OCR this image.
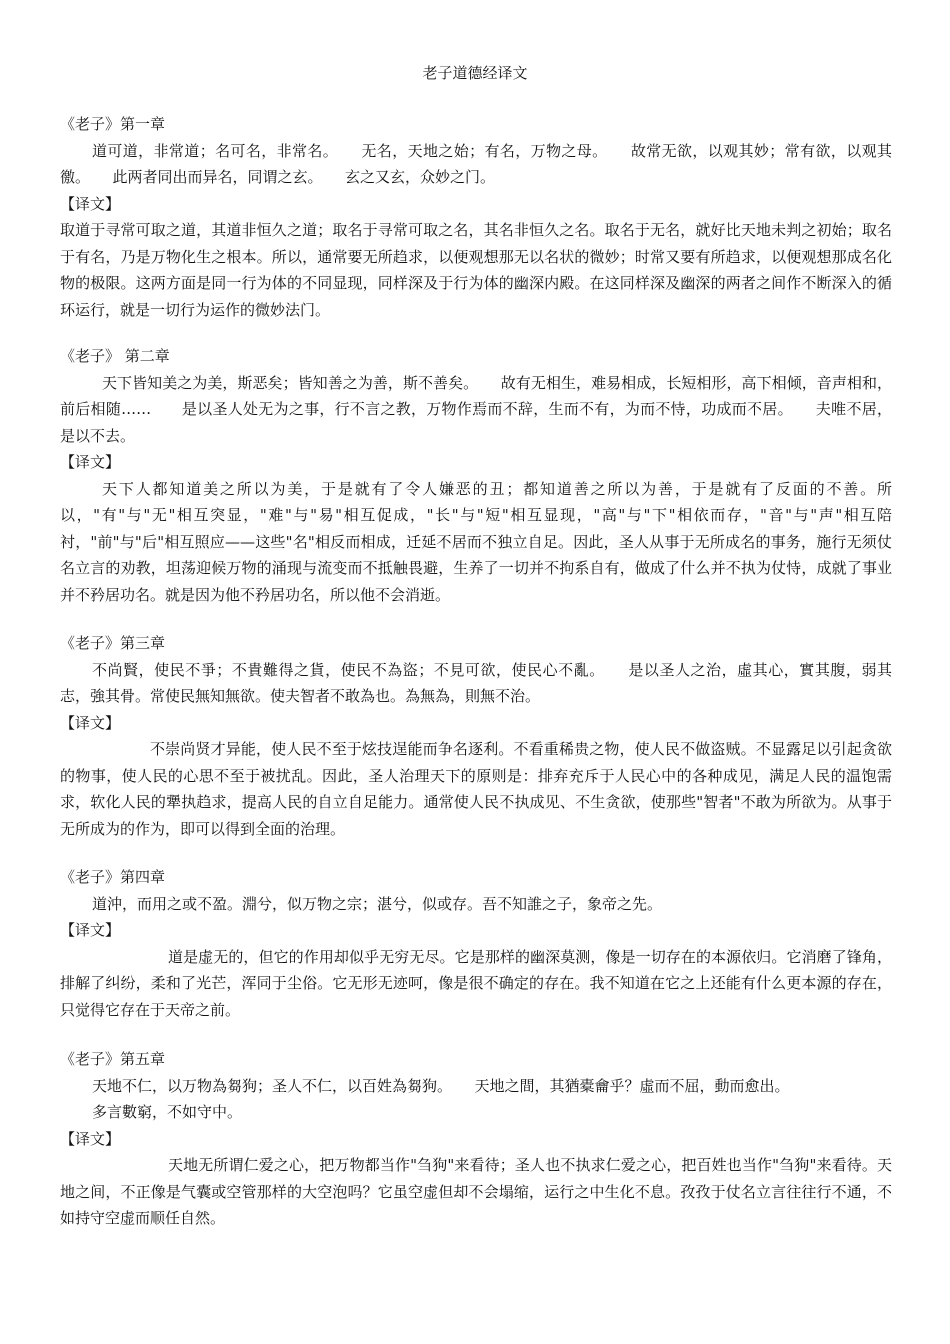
老子道德经译文

《老子》第一章

道可道，非常道；名可名，非常名。　　无名，天地之始；有名，万物之母。　　故常无欲，以观其妙；常有欲，以观其徼。　　此两者同出而异名，同谓之玄。　　玄之又玄，众妙之门。

【译文】

取道于寻常可取之道，其道非恒久之道；取名于寻常可取之名，其名非恒久之名。取名于无名，就好比天地未判之初始；取名于有名，乃是万物化生之根本。所以，通常要无所趋求，以便观想那无以名状的微妙；时常又要有所趋求，以便观想那成名化物的极限。这两方面是同一行为体的不同显现，同样深及于行为体的幽深内殿。在这同样深及幽深的两者之间作不断深入的循环运行，就是一切行为运作的微妙法门。

《老子》 第二章

天下皆知美之为美，斯恶矣；皆知善之为善，斯不善矣。　　故有无相生，难易相成，长短相形，高下相倾，音声相和，前后相随……　　是以圣人处无为之事，行不言之教，万物作焉而不辞，生而不有，为而不恃，功成而不居。　　夫唯不居，是以不去。

【译文】

天下人都知道美之所以为美，于是就有了令人嫌恶的丑；都知道善之所以为善，于是就有了反面的不善。所以，"有"与"无"相互突显，"难"与"易"相互促成，"长"与"短"相互显现，"高"与"下"相依而存，"音"与"声"相互陪衬，"前"与"后"相互照应——这些"名"相反而相成，迁延不居而不独立自足。因此，圣人从事于无所成名的事务，施行无须仗名立言的劝教，坦荡迎候万物的涌现与流变而不抵触畏避，生养了一切并不拘系自有，做成了什么并不执为仗恃，成就了事业并不矜居功名。就是因为他不矜居功名，所以他不会消逝。

《老子》第三章

不尚賢，使民不爭；不貴難得之貨，使民不為盜；不見可欲，使民心不亂。　　是以圣人之治，虛其心，實其腹，弱其志，強其骨。常使民無知無欲。使夫智者不敢為也。為無為，則無不治。

【译文】

不崇尚贤才异能，使人民不至于炫技逞能而争名逐利。不看重稀贵之物，使人民不做盗贼。不显露足以引起贪欲的物事，使人民的心思不至于被扰乱。因此，圣人治理天下的原则是：排弃充斥于人民心中的各种成见，满足人民的温饱需求，软化人民的犟执趋求，提高人民的自立自足能力。通常使人民不执成见、不生贪欲，使那些"智者"不敢为所欲为。从事于无所成为的作为，即可以得到全面的治理。

《老子》第四章

道沖，而用之或不盈。淵兮，似万物之宗；湛兮，似或存。吾不知誰之子，象帝之先。

【译文】

道是虚无的，但它的作用却似乎无穷无尽。它是那样的幽深莫测，像是一切存在的本源依归。它消磨了锋角，排解了纠纷，柔和了光芒，浑同于尘俗。它无形无迹呵，像是很不确定的存在。我不知道在它之上还能有什么更本源的存在，只觉得它存在于天帝之前。

《老子》第五章

天地不仁，以万物為芻狗；圣人不仁，以百姓為芻狗。　　天地之間，其猶橐龠乎？虛而不屈，動而愈出。

多言數窮，不如守中。

【译文】

天地无所谓仁爱之心，把万物都当作"刍狗"来看待；圣人也不执求仁爱之心，把百姓也当作"刍狗"来看待。天地之间，不正像是气囊或空管那样的大空泡吗？它虽空虚但却不会塌缩，运行之中生化不息。孜孜于仗名立言往往行不通，不如持守空虚而顺任自然。
